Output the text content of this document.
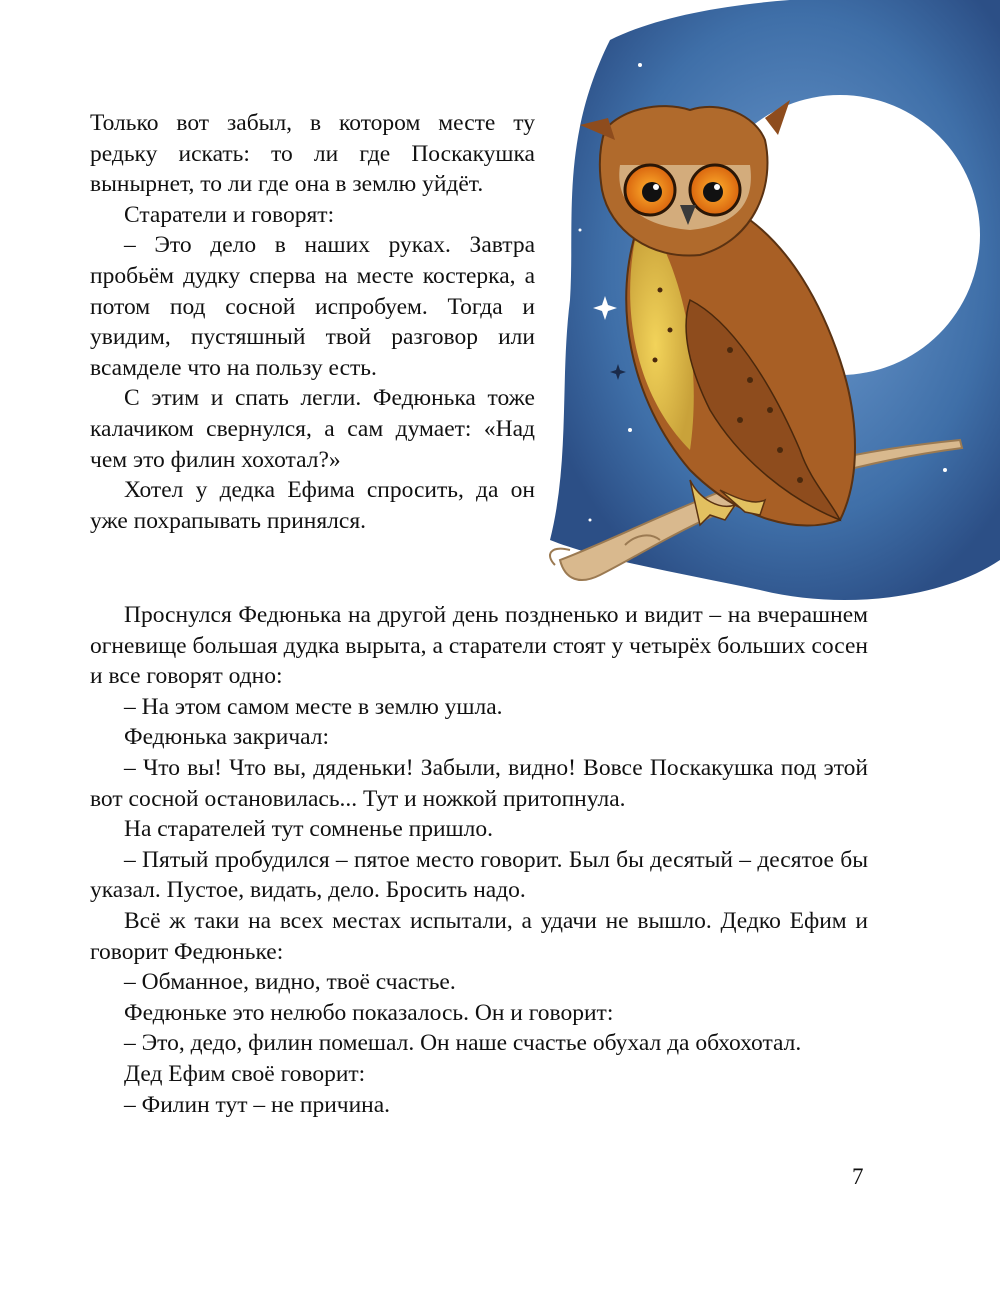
Только вот забыл, в котором месте ту редьку искать: то ли где Поскакушка вынырнет, то ли где она в землю уйдёт.

Старатели и говорят:

– Это дело в наших руках. Завтра пробьём дудку сперва на месте костерка, а потом под сосной испробуем. Тогда и увидим, пустяшный твой разговор или всамделе что на пользу есть.

С этим и спать легли. Федюнька тоже калачиком свернулся, а сам думает: «Над чем это филин хохотал?»

Хотел у дедка Ефима спросить, да он уже похрапывать принялся.

Проснулся Федюнька на другой день поздненько и видит – на вчерашнем огневище большая дудка вырыта, а старатели стоят у четырёх больших сосен и все говорят одно:

– На этом самом месте в землю ушла.

Федюнька закричал:

– Что вы! Что вы, дяденьки! Забыли, видно! Вовсе Поскакушка под этой вот сосной остановилась... Тут и ножкой притопнула.

На старателей тут сомненье пришло.

– Пятый пробудился – пятое место говорит. Был бы десятый – десятое бы указал. Пустое, видать, дело. Бросить надо.

Всё ж таки на всех местах испытали, а удачи не вышло. Дедко Ефим и говорит Федюньке:

– Обманное, видно, твоё счастье.

Федюньке это нелюбо показалось. Он и говорит:

– Это, дедо, филин помешал. Он наше счастье обухал да обхохотал.

Дед Ефим своё говорит:

– Филин тут – не причина.

7
